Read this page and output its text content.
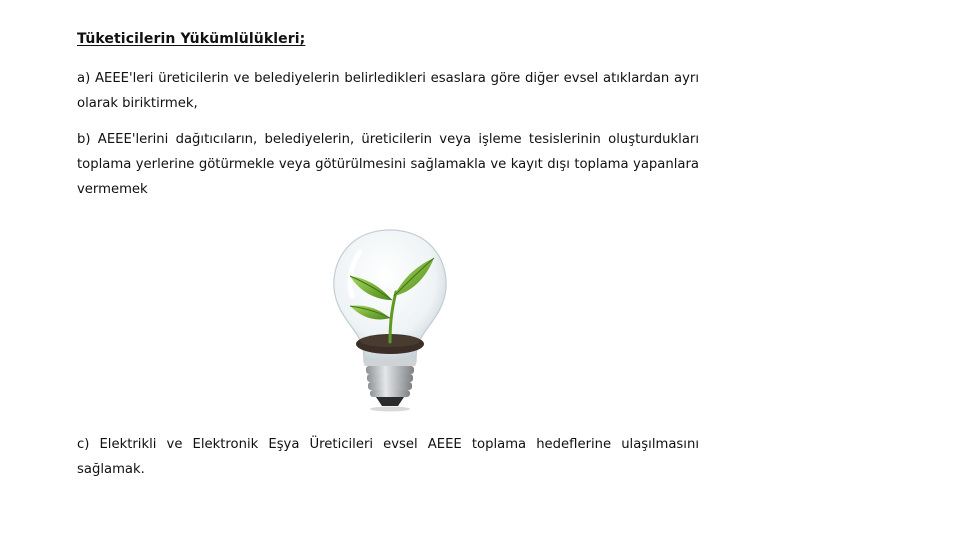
Tüketicilerin Yükümlülükleri;
a) AEEE'leri üreticilerin ve belediyelerin belirledikleri esaslara göre diğer evsel atıklardan ayrı olarak biriktirmek,
b) AEEE'lerini dağıtıcıların, belediyelerin, üreticilerin veya işleme tesislerinin oluşturdukları toplama yerlerine götürmekle veya götürülmesini sağlamakla ve kayıt dışı toplama yapanlara vermemek
c) Elektrikli ve Elektronik Eşya Üreticileri evsel AEEE toplama hedeflerine ulaşılmasını sağlamak.
